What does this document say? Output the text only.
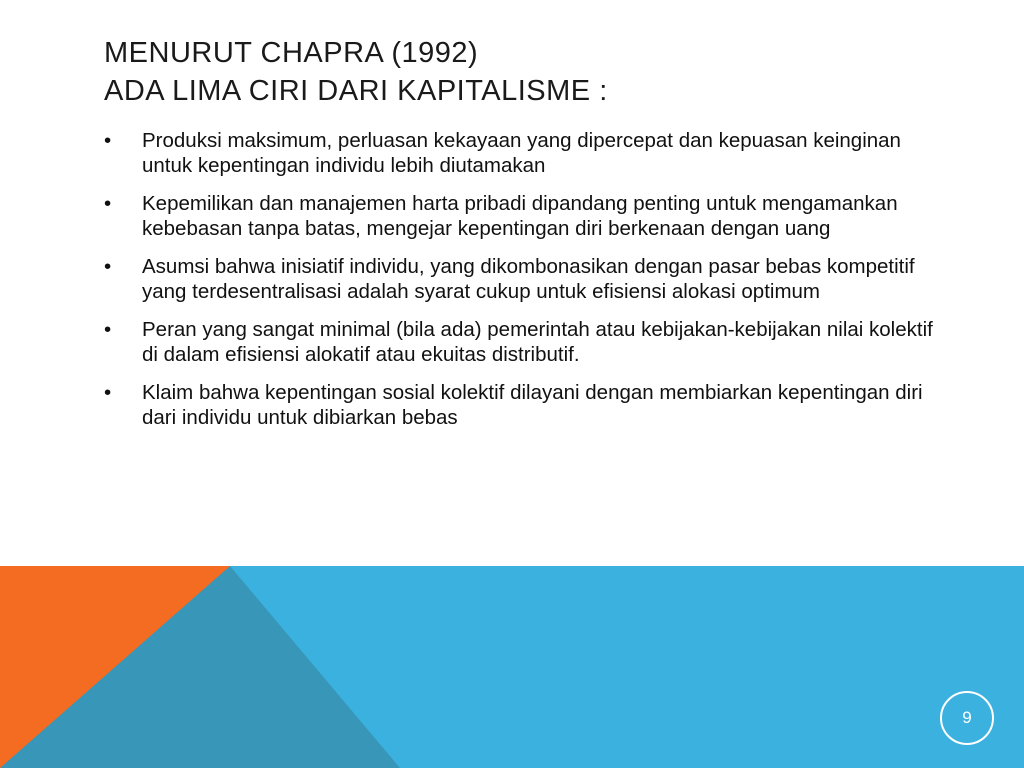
MENURUT CHAPRA (1992)
ADA LIMA CIRI DARI KAPITALISME :
• Produksi maksimum, perluasan kekayaan yang dipercepat dan kepuasan keinginan untuk kepentingan individu lebih diutamakan
• Kepemilikan dan manajemen harta pribadi dipandang penting untuk mengamankan kebebasan tanpa batas, mengejar kepentingan diri berkenaan dengan uang
• Asumsi bahwa inisiatif individu, yang dikombonasikan dengan pasar bebas kompetitif yang terdesentralisasi adalah syarat cukup untuk efisiensi alokasi optimum
• Peran yang sangat minimal (bila ada) pemerintah atau kebijakan-kebijakan nilai kolektif di dalam efisiensi alokatif atau ekuitas distributif.
• Klaim bahwa kepentingan sosial kolektif dilayani dengan membiarkan kepentingan diri dari individu untuk dibiarkan bebas
9
